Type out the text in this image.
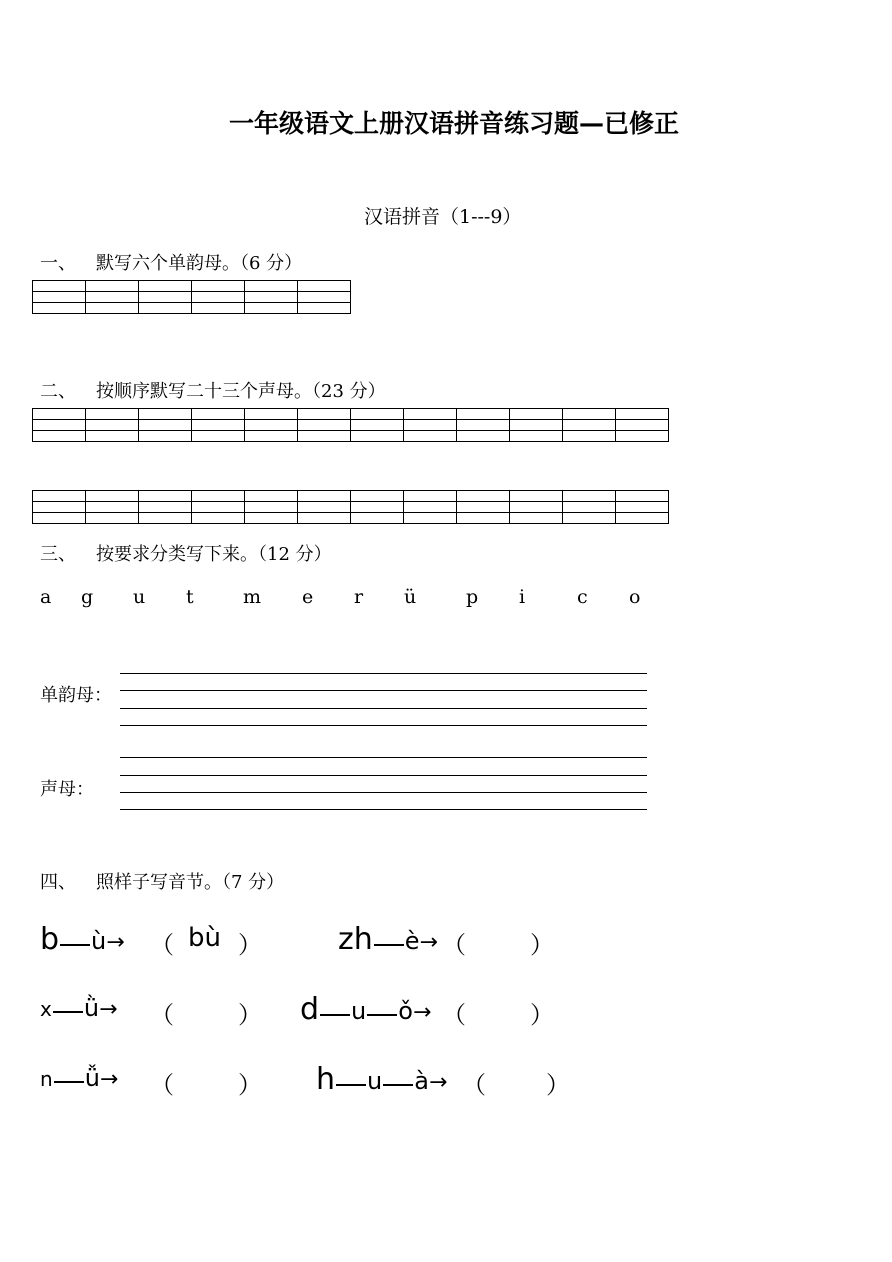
一年级语文上册汉语拼音练习题—已修正
汉语拼音（1---9）
一、 默写六个单韵母。（6 分）

二、 按顺序默写二十三个声母。（23 分）

三、 按要求分类写下来。（12 分）
a g u t	m e r ü	p i	c o
单韵母：
声母：
四、 照样子写音节。（7 分）
b ù→ （ bù ）	zh è→ （	）
x ǜ→ （	） d u ǒ→ （	）
n ǚ→ （	） h u à→ （	）
